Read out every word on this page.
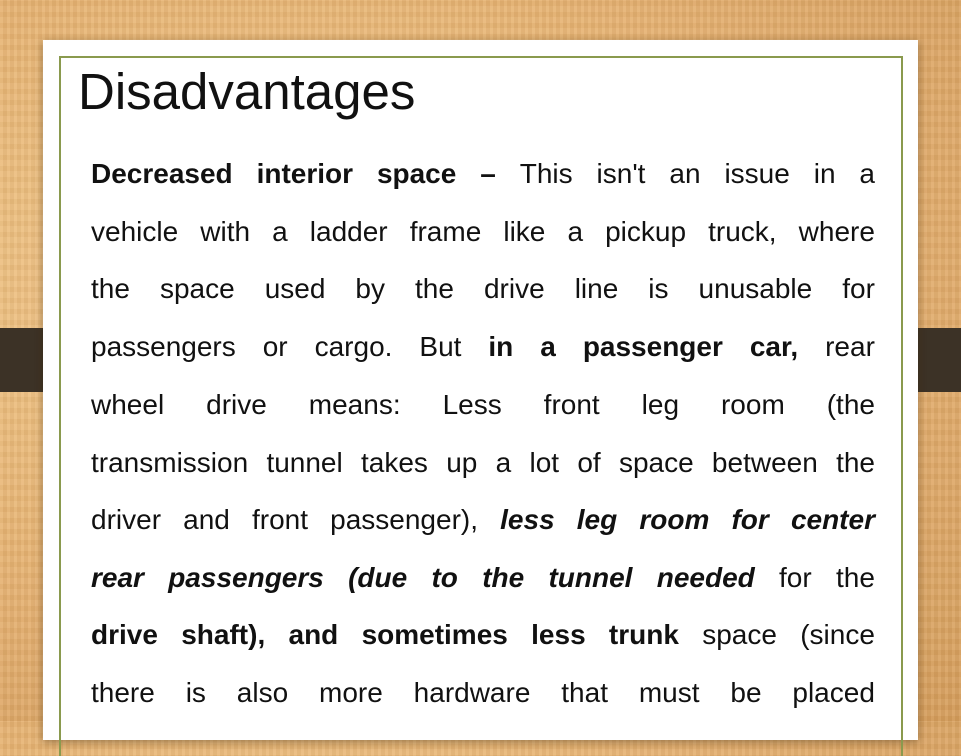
Disadvantages
Decreased interior space – This isn't an issue in a
vehicle with a ladder frame like a pickup truck, where
the space used by the drive line is unusable for
passengers or cargo. But in a passenger car, rear
wheel drive means: Less front leg room (the
transmission tunnel takes up a lot of space between the
driver and front passenger), less leg room for center
rear passengers (due to the tunnel needed for the
drive shaft), and sometimes less trunk space (since
there is also more hardware that must be placed
